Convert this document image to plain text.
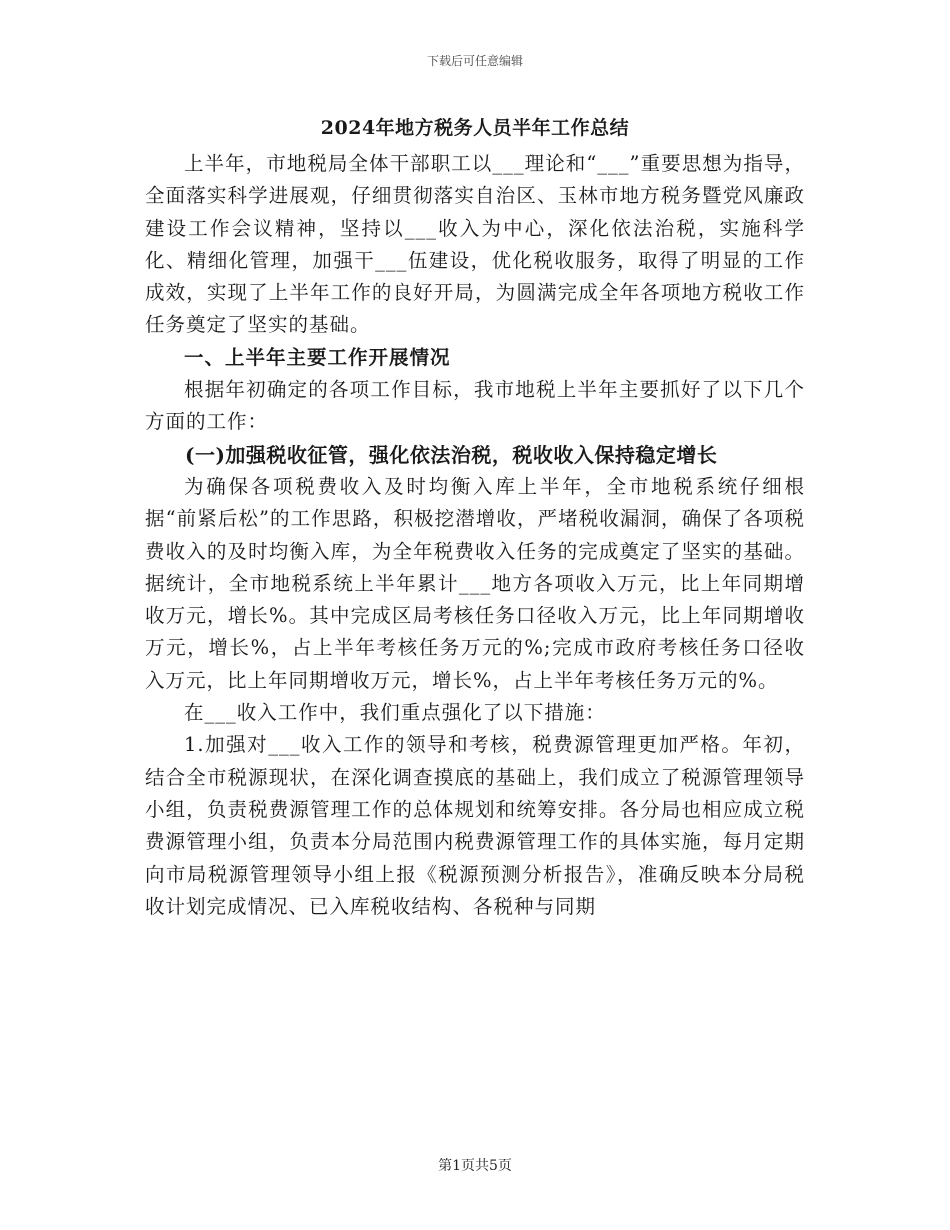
下载后可任意编辑
2024年地方税务人员半年工作总结

上半年，市地税局全体干部职工以___理论和“___”重要思想为指导，全面落实科学进展观，仔细贯彻落实自治区、玉林市地方税务暨党风廉政建设工作会议精神，坚持以___收入为中心，深化依法治税，实施科学化、精细化管理，加强干___伍建设，优化税收服务，取得了明显的工作成效，实现了上半年工作的良好开局，为圆满完成全年各项地方税收工作任务奠定了坚实的基础。

一、上半年主要工作开展情况

根据年初确定的各项工作目标，我市地税上半年主要抓好了以下几个方面的工作：

(一)加强税收征管，强化依法治税，税收收入保持稳定增长

为确保各项税费收入及时均衡入库上半年，全市地税系统仔细根据“前紧后松”的工作思路，积极挖潜增收，严堵税收漏洞，确保了各项税费收入的及时均衡入库，为全年税费收入任务的完成奠定了坚实的基础。据统计，全市地税系统上半年累计___地方各项收入万元，比上年同期增收万元，增长%。其中完成区局考核任务口径收入万元，比上年同期增收万元，增长%，占上半年考核任务万元的%;完成市政府考核任务口径收入万元，比上年同期增收万元，增长%，占上半年考核任务万元的%。

在___收入工作中，我们重点强化了以下措施：

1.加强对___收入工作的领导和考核，税费源管理更加严格。年初，结合全市税源现状，在深化调查摸底的基础上，我们成立了税源管理领导小组，负责税费源管理工作的总体规划和统筹安排。各分局也相应成立税费源管理小组，负责本分局范围内税费源管理工作的具体实施，每月定期向市局税源管理领导小组上报《税源预测分析报告》，准确反映本分局税收计划完成情况、已入库税收结构、各税种与同期

第1页共5页
